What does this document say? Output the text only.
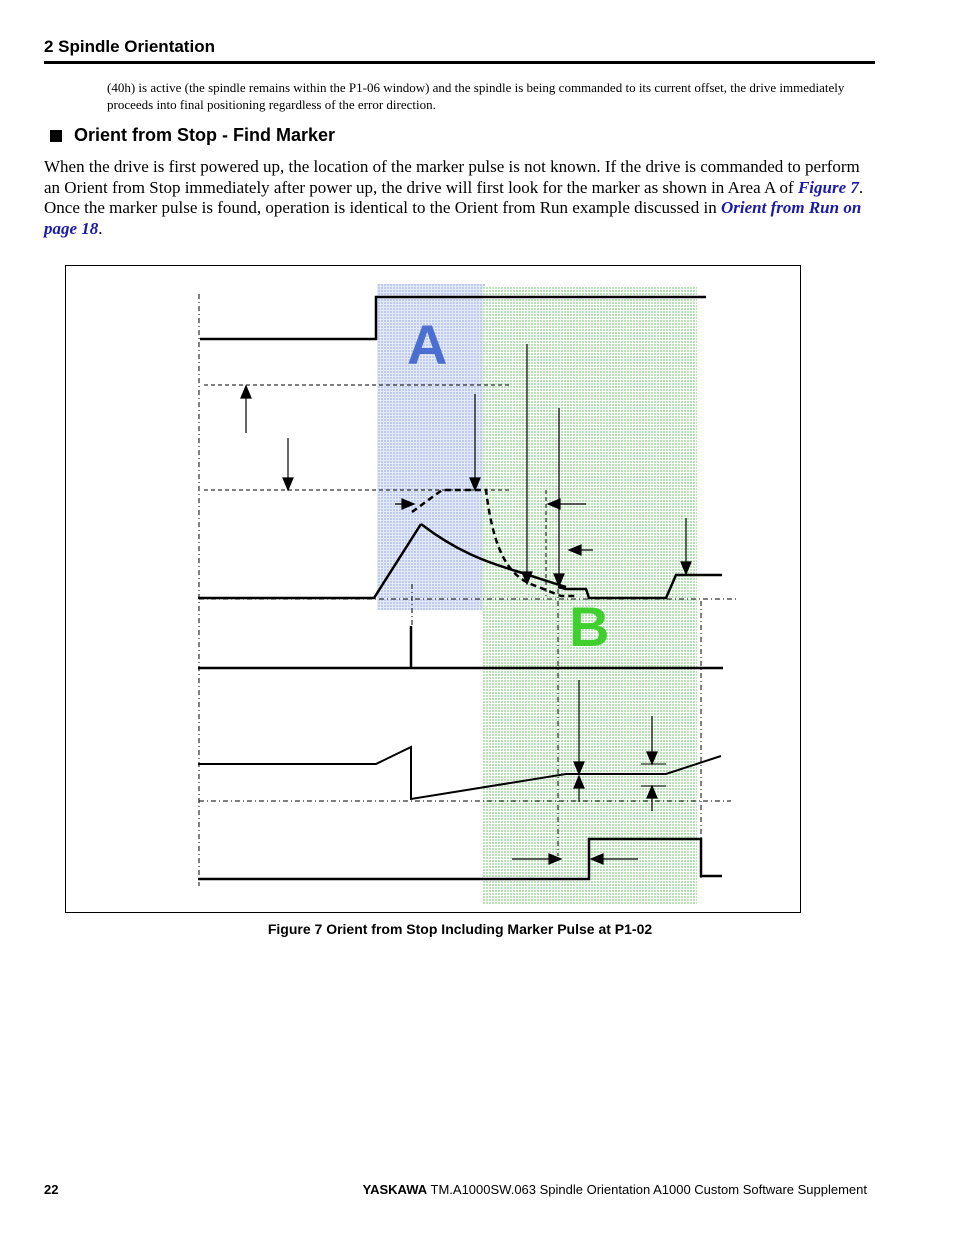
2 Spindle Orientation
(40h) is active (the spindle remains within the P1-06 window) and the spindle is being commanded to its current offset, the drive immediately proceeds into final positioning regardless of the error direction.
Orient from Stop - Find Marker
When the drive is first powered up, the location of the marker pulse is not known. If the drive is commanded to perform an Orient from Stop immediately after power up, the drive will first look for the marker as shown in Area A of Figure 7. Once the marker pulse is found, operation is identical to the Orient from Run example discussed in Orient from Run on page 18.
A
B
Figure 7 Orient from Stop Including Marker Pulse at P1-02
22	YASKAWA TM.A1000SW.063 Spindle Orientation A1000 Custom Software Supplement
